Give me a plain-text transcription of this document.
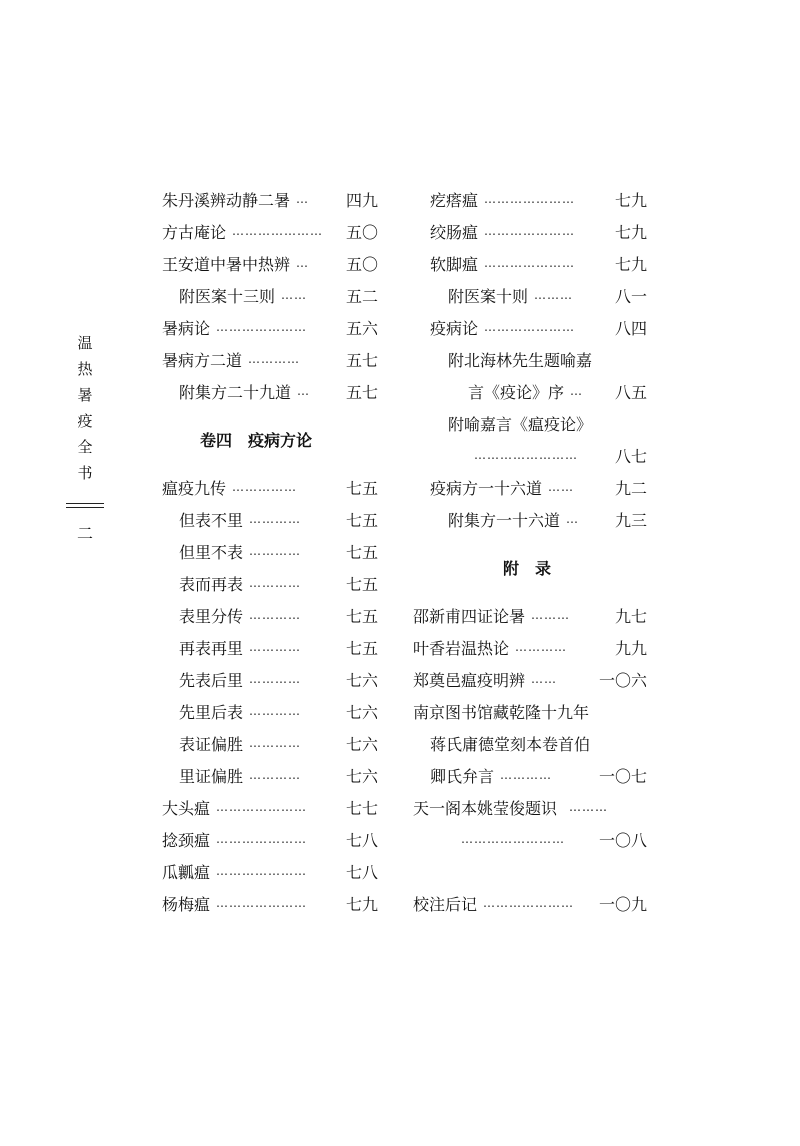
温
热
暑
疫
全
书
二
朱丹溪辨动静二暑 …	四九
方古庵论 …………………	五〇
王安道中暑中热辨 …	五〇
附医案十三则 ……	五二
暑病论 …………………	五六
暑病方二道 …………	五七
附集方二十九道 …	五七
卷四　疫病方论
瘟疫九传 ……………	七五
但表不里 …………	七五
但里不表 …………	七五
表而再表 …………	七五
表里分传 …………	七五
再表再里 …………	七五
先表后里 …………	七六
先里后表 …………	七六
表证偏胜 …………	七六
里证偏胜 …………	七六
大头瘟 …………………	七七
捻颈瘟 …………………	七八
瓜瓤瘟 …………………	七八
杨梅瘟 …………………	七九
疙瘩瘟 …………………	七九
绞肠瘟 …………………	七九
软脚瘟 …………………	七九
附医案十则 ………	八一
疫病论 …………………	八四
附北海林先生题喻嘉
言《疫论》序 …	八五
附喻嘉言《瘟疫论》
……………………	八七
疫病方一十六道 ……	九二
附集方一十六道 …	九三
附　录
邵新甫四证论暑 ………	九七
叶香岩温热论 …………	九九
郑奠邑瘟疫明辨 ……	一〇六
南京图书馆藏乾隆十九年
蒋氏庸德堂刻本卷首伯
卿氏弁言 …………	一〇七
天一阁本姚莹俊题识 ………
……………………	一〇八
校注后记 …………………	一〇九
